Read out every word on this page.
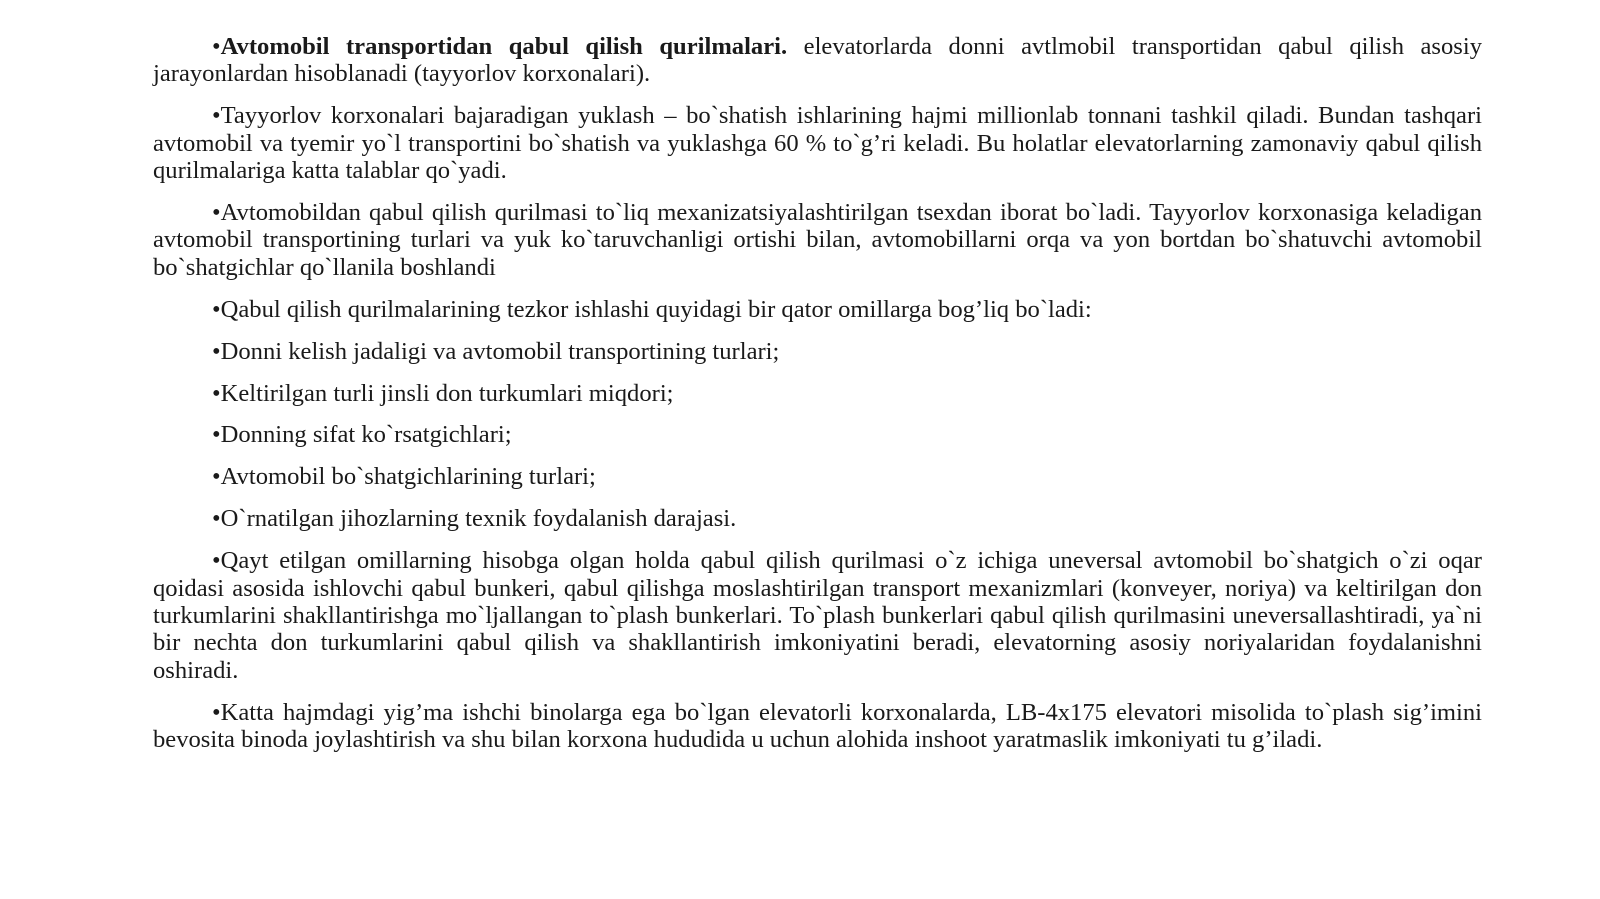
•Avtomobil transportidan qabul qilish qurilmalari. elevatorlarda donni avtlmobil transportidan qabul qilish asosiy jarayonlardan hisoblanadi (tayyorlov korxonalari).

•Tayyorlov korxonalari bajaradigan yuklash – bo`shatish ishlarining hajmi millionlab tonnani tashkil qiladi. Bundan tashqari avtomobil va tyemir yo`l transportini bo`shatish va yuklashga 60 % to`g’ri keladi. Bu holatlar elevatorlarning zamonaviy qabul qilish qurilmalariga katta talablar qo`yadi.

•Avtomobildan qabul qilish qurilmasi to`liq mexanizatsiyalashtirilgan tsexdan iborat bo`ladi. Tayyorlov korxonasiga keladigan avtomobil transportining turlari va yuk ko`taruvchanligi ortishi bilan, avtomobillarni orqa va yon bortdan bo`shatuvchi avtomobil bo`shatgichlar qo`llanila boshlandi

•Qabul qilish qurilmalarining tezkor ishlashi quyidagi bir qator omillarga bog’liq bo`ladi:

•Donni kelish jadaligi va avtomobil transportining turlari;

•Keltirilgan turli jinsli don turkumlari miqdori;

•Donning sifat ko`rsatgichlari;

•Avtomobil bo`shatgichlarining turlari;

•O`rnatilgan jihozlarning texnik foydalanish darajasi.

•Qayt etilgan omillarning hisobga olgan holda qabul qilish qurilmasi o`z ichiga uneversal avtomobil bo`shatgich o`zi oqar qoidasi asosida ishlovchi qabul bunkeri, qabul qilishga moslashtirilgan transport mexanizmlari (konveyer, noriya) va keltirilgan don turkumlarini shakllantirishga mo`ljallangan to`plash bunkerlari. To`plash bunkerlari qabul qilish qurilmasini uneversallashtiradi, ya`ni bir nechta don turkumlarini qabul qilish va shakllantirish imkoniyatini beradi, elevatorning asosiy noriyalaridan foydalanishni oshiradi.

•Katta hajmdagi yig’ma ishchi binolarga ega bo`lgan elevatorli korxonalarda, LB-4x175 elevatori misolida to`plash sig’imini bevosita binoda joylashtirish va shu bilan korxona hududida u uchun alohida inshoot yaratmaslik imkoniyati tu g’iladi.
